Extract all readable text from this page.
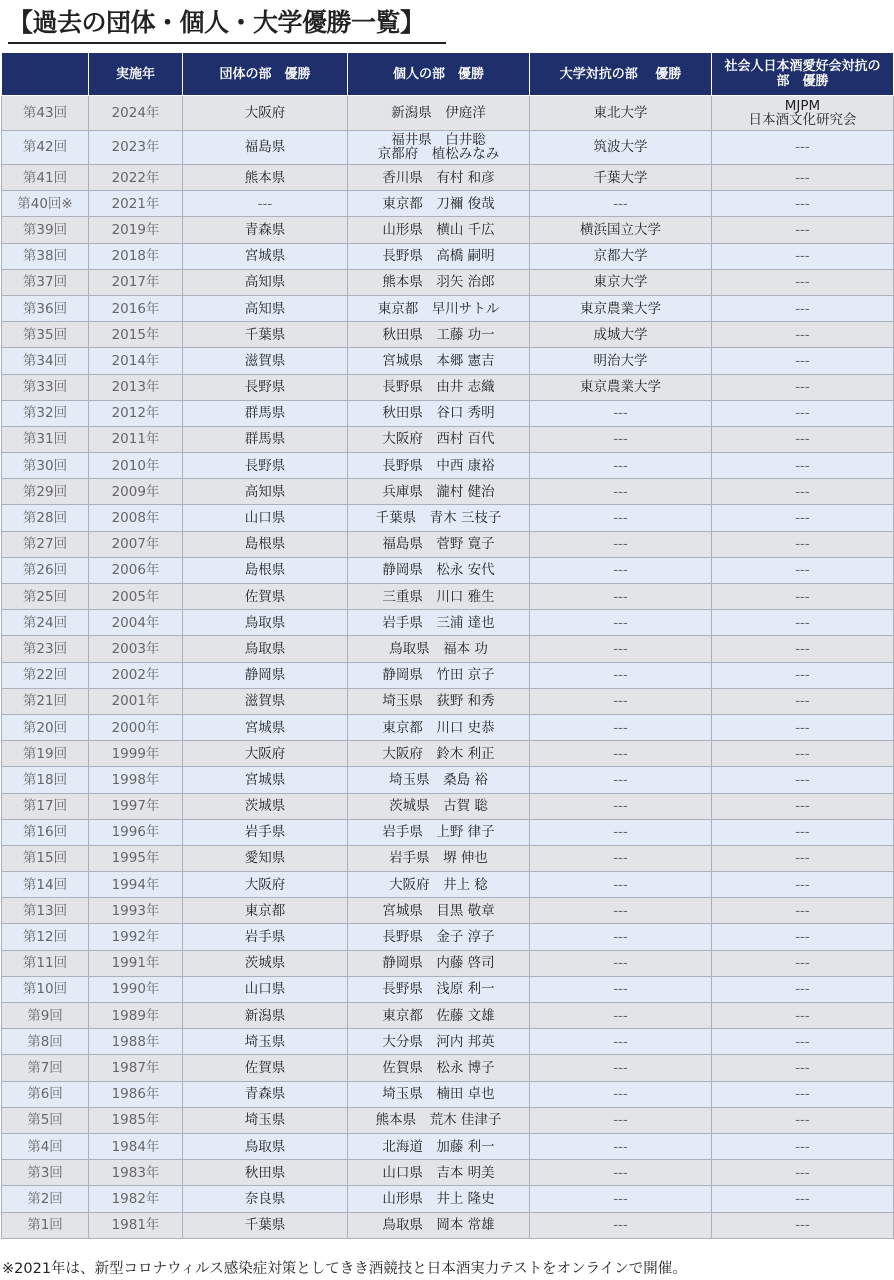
【過去の団体・個人・大学優勝一覧】
	実施年	団体の部　優勝	個人の部　優勝	大学対抗の部　 優勝	社会人日本酒愛好会対抗の
部　優勝
第43回	2024年	大阪府	新潟県　伊庭洋	東北大学	MJPM
日本酒文化研究会
第42回	2023年	福島県	福井県　白井聡
京都府　植松みなみ	筑波大学	---
第41回	2022年	熊本県	香川県　有村 和彦	千葉大学	---
第40回※	2021年	---	東京都　刀禰 俊哉	---	---
第39回	2019年	青森県	山形県　横山 千広	横浜国立大学	---
第38回	2018年	宮城県	長野県　高橋 嗣明	京都大学	---
第37回	2017年	高知県	熊本県　羽矢 治郎	東京大学	---
第36回	2016年	高知県	東京都　早川サトル	東京農業大学	---
第35回	2015年	千葉県	秋田県　工藤 功一	成城大学	---
第34回	2014年	滋賀県	宮城県　本郷 憲吉	明治大学	---
第33回	2013年	長野県	長野県　由井 志織	東京農業大学	---
第32回	2012年	群馬県	秋田県　谷口 秀明	---	---
第31回	2011年	群馬県	大阪府　西村 百代	---	---
第30回	2010年	長野県	長野県　中西 康裕	---	---
第29回	2009年	高知県	兵庫県　瀧村 健治	---	---
第28回	2008年	山口県	千葉県　青木 三枝子	---	---
第27回	2007年	島根県	福島県　菅野 寛子	---	---
第26回	2006年	島根県	静岡県　松永 安代	---	---
第25回	2005年	佐賀県	三重県　川口 雅生	---	---
第24回	2004年	鳥取県	岩手県　三浦 達也	---	---
第23回	2003年	鳥取県	鳥取県　福本 功	---	---
第22回	2002年	静岡県	静岡県　竹田 京子	---	---
第21回	2001年	滋賀県	埼玉県　荻野 和秀	---	---
第20回	2000年	宮城県	東京都　川口 史恭	---	---
第19回	1999年	大阪府	大阪府　鈴木 利正	---	---
第18回	1998年	宮城県	埼玉県　桑島 裕	---	---
第17回	1997年	茨城県	茨城県　古賀 聡	---	---
第16回	1996年	岩手県	岩手県　上野 律子	---	---
第15回	1995年	愛知県	岩手県　堺 伸也	---	---
第14回	1994年	大阪府	大阪府　井上 稔	---	---
第13回	1993年	東京都	宮城県　目黒 敬章	---	---
第12回	1992年	岩手県	長野県　金子 淳子	---	---
第11回	1991年	茨城県	静岡県　内藤 啓司	---	---
第10回	1990年	山口県	長野県　浅原 利一	---	---
第9回	1989年	新潟県	東京都　佐藤 文雄	---	---
第8回	1988年	埼玉県	大分県　河内 邦英	---	---
第7回	1987年	佐賀県	佐賀県　松永 博子	---	---
第6回	1986年	青森県	埼玉県　楠田 卓也	---	---
第5回	1985年	埼玉県	熊本県　荒木 佳津子	---	---
第4回	1984年	鳥取県	北海道　加藤 利一	---	---
第3回	1983年	秋田県	山口県　吉本 明美	---	---
第2回	1982年	奈良県	山形県　井上 隆史	---	---
第1回	1981年	千葉県	鳥取県　岡本 常雄	---	---
※2021年は、新型コロナウィルス感染症対策としてきき酒競技と日本酒実力テストをオンラインで開催。
